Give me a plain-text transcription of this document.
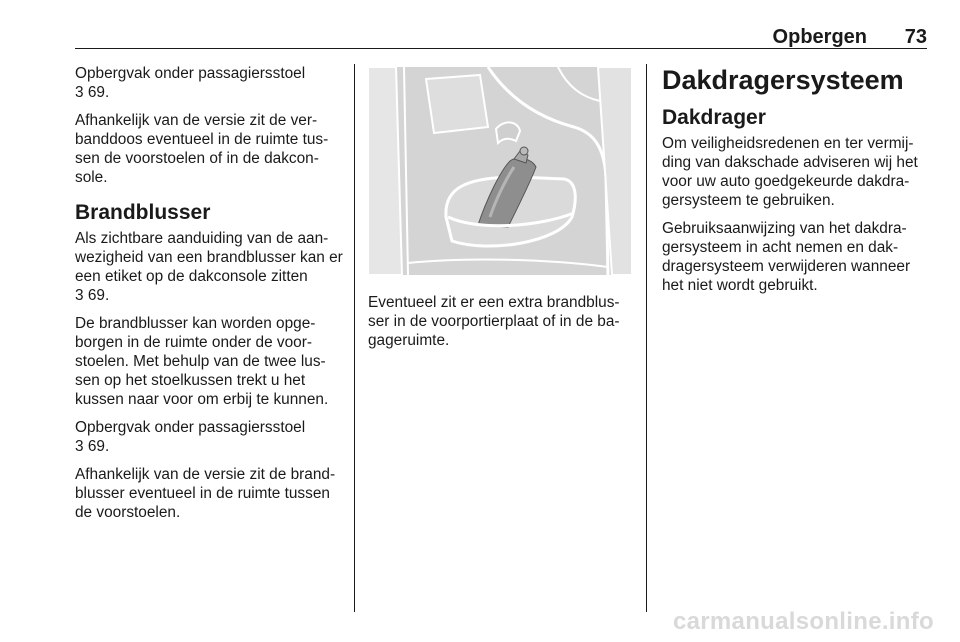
Opbergen 73

Opbergvak onder passagiersstoel
3 69.

Afhankelijk van de versie zit de ver-banddoos eventueel in de ruimte tus-sen de voorstoelen of in de dakcon-sole.

Brandblusser

Als zichtbare aanduiding van de aan-wezigheid van een brandblusser kan er een etiket op de dakconsole zitten
3 69.

De brandblusser kan worden opge-borgen in de ruimte onder de voor-stoelen. Met behulp van de twee lus-sen op het stoelkussen trekt u het kussen naar voor om erbij te kunnen.

Opbergvak onder passagiersstoel
3 69.

Afhankelijk van de versie zit de brand-blusser eventueel in de ruimte tussen de voorstoelen.

Eventueel zit er een extra brandblus-ser in de voorportierplaat of in de ba-gageruimte.

Dakdragersysteem
Dakdrager

Om veiligheidsredenen en ter vermij-ding van dakschade adviseren wij het voor uw auto goedgekeurde dakdra-gersysteem te gebruiken.

Gebruiksaanwijzing van het dakdra-gersysteem in acht nemen en dak-dragersysteem verwijderen wanneer het niet wordt gebruikt.

carmanualsonline.info
